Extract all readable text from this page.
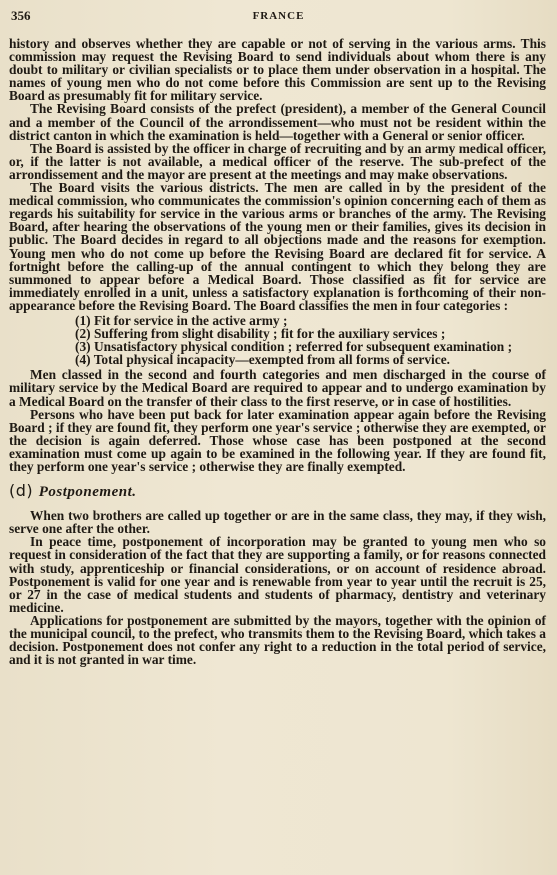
356	FRANCE

history and observes whether they are capable or not of serving in the various arms. This commission may request the Revising Board to send individuals about whom there is any doubt to military or civilian specialists or to place them under observation in a hospital. The names of young men who do not come before this Commission are sent up to the Revising Board as presumably fit for military service.

The Revising Board consists of the prefect (president), a member of the General Council and a member of the Council of the arrondissement—who must not be resident within the district canton in which the examination is held—together with a General or senior officer.

The Board is assisted by the officer in charge of recruiting and by an army medical officer, or, if the latter is not available, a medical officer of the reserve. The sub-prefect of the arrondissement and the mayor are present at the meetings and may make observations.

The Board visits the various districts. The men are called in by the president of the medical commission, who communicates the commission's opinion concerning each of them as regards his suitability for service in the various arms or branches of the army. The Revising Board, after hearing the observations of the young men or their families, gives its decision in public. The Board decides in regard to all objections made and the reasons for exemption. Young men who do not come up before the Revising Board are declared fit for service. A fortnight before the calling-up of the annual contingent to which they belong they are summoned to appear before a Medical Board. Those classified as fit for service are immediately enrolled in a unit, unless a satisfactory explanation is forthcoming of their non-appearance before the Revising Board. The Board classifies the men in four categories :

(1) Fit for service in the active army ;

(2) Suffering from slight disability ; fit for the auxiliary services ;

(3) Unsatisfactory physical condition ; referred for subsequent examination ;

(4) Total physical incapacity—exempted from all forms of service.

Men classed in the second and fourth categories and men discharged in the course of military service by the Medical Board are required to appear and to undergo examination by a Medical Board on the transfer of their class to the first reserve, or in case of hostilities.

Persons who have been put back for later examination appear again before the Revising Board ; if they are found fit, they perform one year's service ; otherwise they are exempted, or the decision is again deferred. Those whose case has been postponed at the second examination must come up again to be examined in the following year. If they are found fit, they perform one year's service ; otherwise they are finally exempted.

(d) Postponement.

When two brothers are called up together or are in the same class, they may, if they wish, serve one after the other.

In peace time, postponement of incorporation may be granted to young men who so request in consideration of the fact that they are supporting a family, or for reasons connected with study, apprenticeship or financial considerations, or on account of residence abroad. Postponement is valid for one year and is renewable from year to year until the recruit is 25, or 27 in the case of medical students and students of pharmacy, dentistry and veterinary medicine.

Applications for postponement are submitted by the mayors, together with the opinion of the municipal council, to the prefect, who transmits them to the Revising Board, which takes a decision. Postponement does not confer any right to a reduction in the total period of service, and it is not granted in war time.
